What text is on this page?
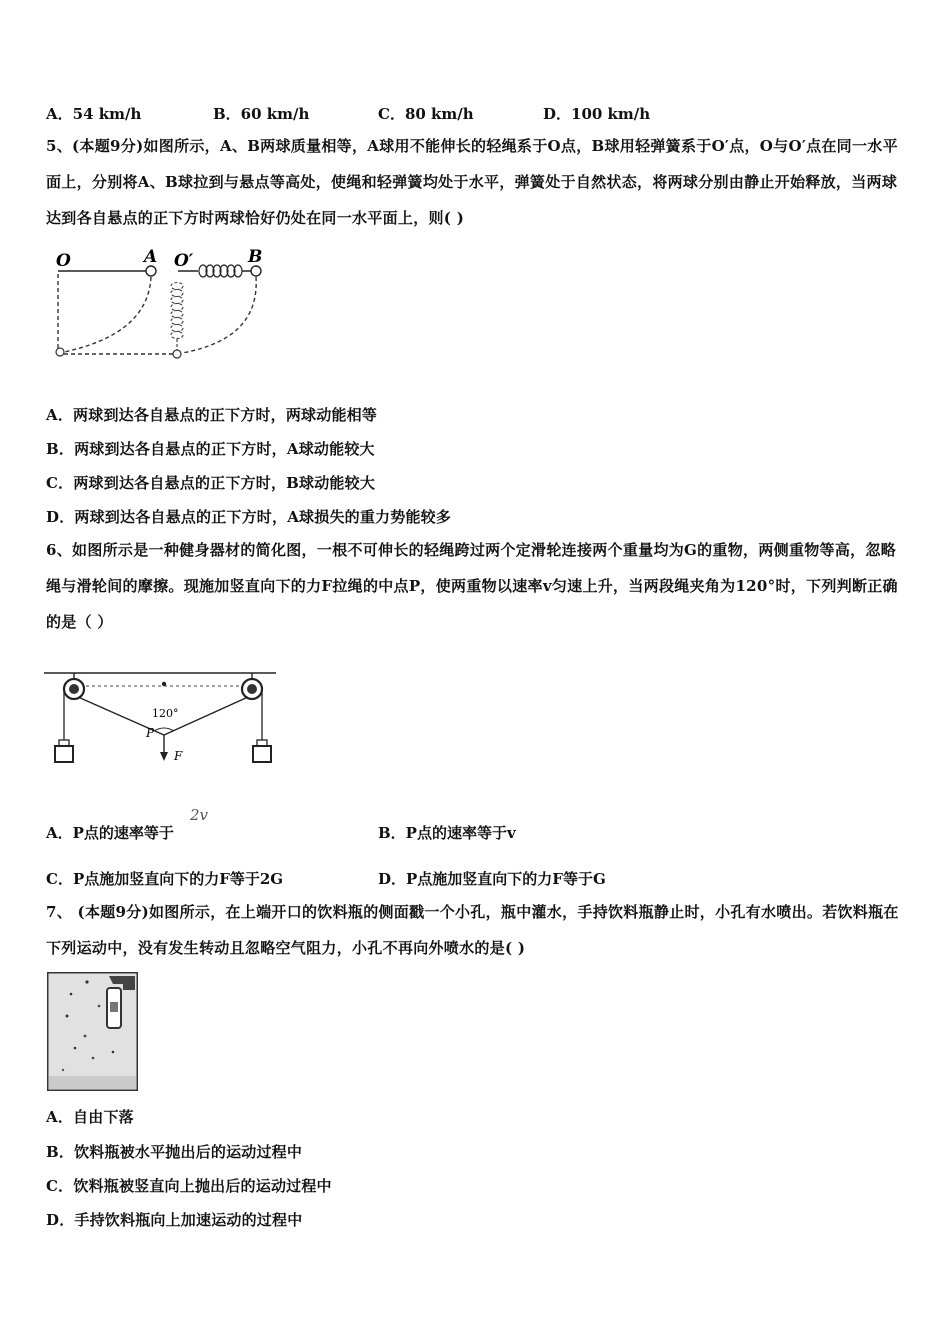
A．54 km/h	B．60 km/h	C．80 km/h	D．100 km/h
5、(本题9分)如图所示，A、B两球质量相等，A球用不能伸长的轻绳系于O点，B球用轻弹簧系于O′点，O与O′点在同一水平面上，分别将A、B球拉到与悬点等高处，使绳和轻弹簧均处于水平，弹簧处于自然状态，将两球分别由静止开始释放，当两球达到各自悬点的正下方时两球恰好仍处在同一水平面上，则( )
O	A O′	B
A．两球到达各自悬点的正下方时，两球动能相等
B．两球到达各自悬点的正下方时，A球动能较大
C．两球到达各自悬点的正下方时，B球动能较大
D．两球到达各自悬点的正下方时，A球损失的重力势能较多
6、如图所示是一种健身器材的简化图，一根不可伸长的轻绳跨过两个定滑轮连接两个重量均为G的重物，两侧重物等高，忽略绳与滑轮间的摩擦。现施加竖直向下的力F拉绳的中点P，使两重物以速率v匀速上升，当两段绳夹角为120°时，下列判断正确的是（ ）
120°
P
F
A．P点的速率等于
2v
B．P点的速率等于v
C．P点施加竖直向下的力F等于2G	D．P点施加竖直向下的力F等于G
7、 (本题9分)如图所示，在上端开口的饮料瓶的侧面戳一个小孔，瓶中灌水，手持饮料瓶静止时，小孔有水喷出。若饮料瓶在下列运动中，没有发生转动且忽略空气阻力，小孔不再向外喷水的是( )
A．自由下落
B．饮料瓶被水平抛出后的运动过程中
C．饮料瓶被竖直向上抛出后的运动过程中
D．手持饮料瓶向上加速运动的过程中
